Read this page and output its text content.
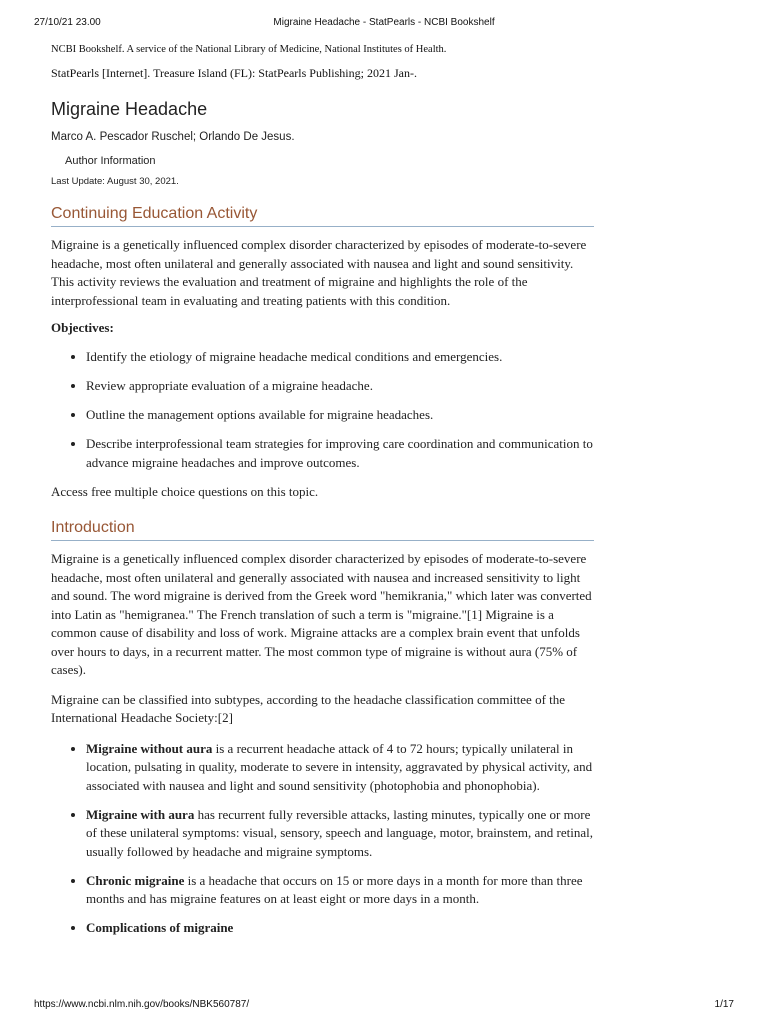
27/10/21 23.00	Migraine Headache - StatPearls - NCBI Bookshelf

NCBI Bookshelf. A service of the National Library of Medicine, National Institutes of Health.

StatPearls [Internet]. Treasure Island (FL): StatPearls Publishing; 2021 Jan-.

Migraine Headache

Marco A. Pescador Ruschel; Orlando De Jesus.

Author Information

Last Update: August 30, 2021.

Continuing Education Activity

Migraine is a genetically influenced complex disorder characterized by episodes of moderate-to-severe headache, most often unilateral and generally associated with nausea and light and sound sensitivity. This activity reviews the evaluation and treatment of migraine and highlights the role of the interprofessional team in evaluating and treating patients with this condition.

Objectives:

• Identify the etiology of migraine headache medical conditions and emergencies.
• Review appropriate evaluation of a migraine headache.
• Outline the management options available for migraine headaches.
• Describe interprofessional team strategies for improving care coordination and communication to advance migraine headaches and improve outcomes.

Access free multiple choice questions on this topic.

Introduction

Migraine is a genetically influenced complex disorder characterized by episodes of moderate-to-severe headache, most often unilateral and generally associated with nausea and increased sensitivity to light and sound. The word migraine is derived from the Greek word "hemikrania," which later was converted into Latin as "hemigranea." The French translation of such a term is "migraine."[1] Migraine is a common cause of disability and loss of work. Migraine attacks are a complex brain event that unfolds over hours to days, in a recurrent matter. The most common type of migraine is without aura (75% of cases).

Migraine can be classified into subtypes, according to the headache classification committee of the International Headache Society:[2]

• Migraine without aura is a recurrent headache attack of 4 to 72 hours; typically unilateral in location, pulsating in quality, moderate to severe in intensity, aggravated by physical activity, and associated with nausea and light and sound sensitivity (photophobia and phonophobia).
• Migraine with aura has recurrent fully reversible attacks, lasting minutes, typically one or more of these unilateral symptoms: visual, sensory, speech and language, motor, brainstem, and retinal, usually followed by headache and migraine symptoms.
• Chronic migraine is a headache that occurs on 15 or more days in a month for more than three months and has migraine features on at least eight or more days in a month.
• Complications of migraine
https://www.ncbi.nlm.nih.gov/books/NBK560787/	1/17
